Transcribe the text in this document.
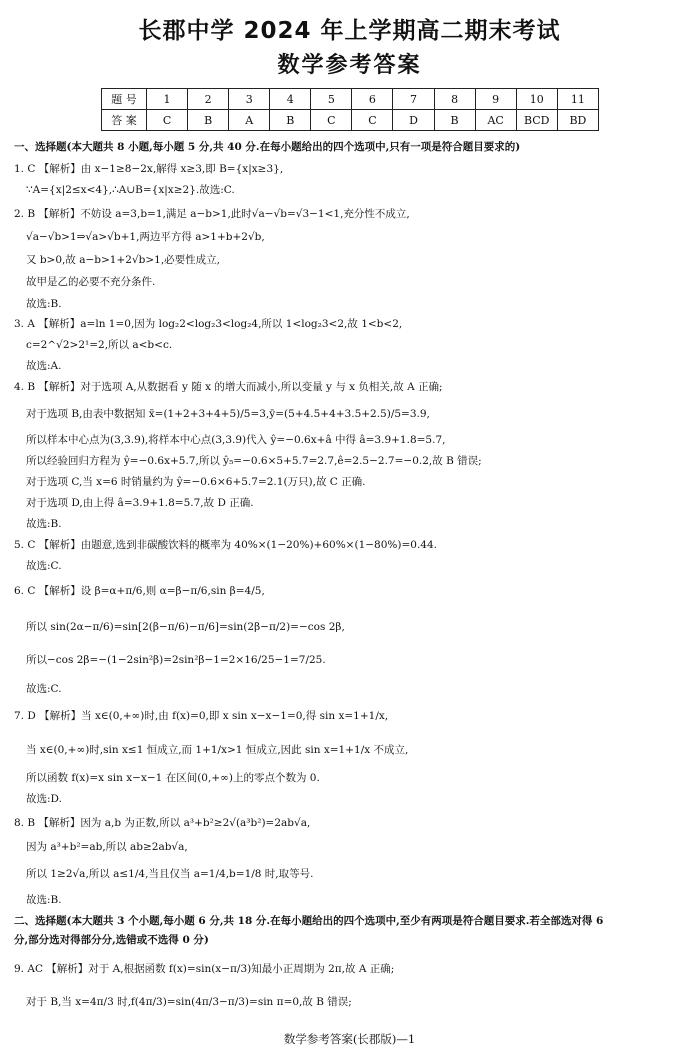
长郡中学 2024 年上学期高二期末考试
数学参考答案
题 号	1	2	3	4	5	6	7	8	9	10	11
答 案	C	B	A	B	C	C	D	B	AC	BCD	BD
一、选择题(本大题共 8 小题,每小题 5 分,共 40 分.在每小题给出的四个选项中,只有一项是符合题目要求的)
1. C 【解析】由 x−1≥8−2x,解得 x≥3,即 B={x|x≥3},
∵A={x|2≤x<4},∴A∪B={x|x≥2}.故选:C.
2. B 【解析】不妨设 a=3,b=1,满足 a−b>1,此时√a−√b=√3−1<1,充分性不成立,
√a−√b>1⇒√a>√b+1,两边平方得 a>1+b+2√b,
又 b>0,故 a−b>1+2√b>1,必要性成立,
故甲是乙的必要不充分条件.
故选:B.
3. A 【解析】a=ln 1=0,因为 log₂2<log₂3<log₂4,所以 1<log₂3<2,故 1<b<2,
c=2^√2>2¹=2,所以 a<b<c.
故选:A.
4. B 【解析】对于选项 A,从数据看 y 随 x 的增大而减小,所以变量 y 与 x 负相关,故 A 正确;
对于选项 B,由表中数据知 x̄=(1+2+3+4+5)/5=3,ȳ=(5+4.5+4+3.5+2.5)/5=3.9,
所以样本中心点为(3,3.9),将样本中心点(3,3.9)代入 ŷ=−0.6x+â 中得 â=3.9+1.8=5.7,
所以经验回归方程为 ŷ=−0.6x+5.7,所以 ŷ₅=−0.6×5+5.7=2.7,ê=2.5−2.7=−0.2,故 B 错误;
对于选项 C,当 x=6 时销量约为 ŷ=−0.6×6+5.7=2.1(万只),故 C 正确.
对于选项 D,由上得 â=3.9+1.8=5.7,故 D 正确.
故选:B.
5. C 【解析】由题意,选到非碳酸饮料的概率为 40%×(1−20%)+60%×(1−80%)=0.44.
故选:C.
6. C 【解析】设 β=α+π/6,则 α=β−π/6,sin β=4/5,
所以 sin(2α−π/6)=sin[2(β−π/6)−π/6]=sin(2β−π/2)=−cos 2β,
所以−cos 2β=−(1−2sin²β)=2sin²β−1=2×16/25−1=7/25.
故选:C.
7. D 【解析】当 x∈(0,+∞)时,由 f(x)=0,即 x sin x−x−1=0,得 sin x=1+1/x,
当 x∈(0,+∞)时,sin x≤1 恒成立,而 1+1/x>1 恒成立,因此 sin x=1+1/x 不成立,
所以函数 f(x)=x sin x−x−1 在区间(0,+∞)上的零点个数为 0.
故选:D.
8. B 【解析】因为 a,b 为正数,所以 a³+b²≥2√(a³b²)=2ab√a,
因为 a³+b²=ab,所以 ab≥2ab√a,
所以 1≥2√a,所以 a≤1/4,当且仅当 a=1/4,b=1/8 时,取等号.
故选:B.
二、选择题(本大题共 3 个小题,每小题 6 分,共 18 分.在每小题给出的四个选项中,至少有两项是符合题目要求.若全部选对得 6
分,部分选对得部分分,选错或不选得 0 分)
9. AC 【解析】对于 A,根据函数 f(x)=sin(x−π/3)知最小正周期为 2π,故 A 正确;
对于 B,当 x=4π/3 时,f(4π/3)=sin(4π/3−π/3)=sin π=0,故 B 错误;
数学参考答案(长郡版)—1
